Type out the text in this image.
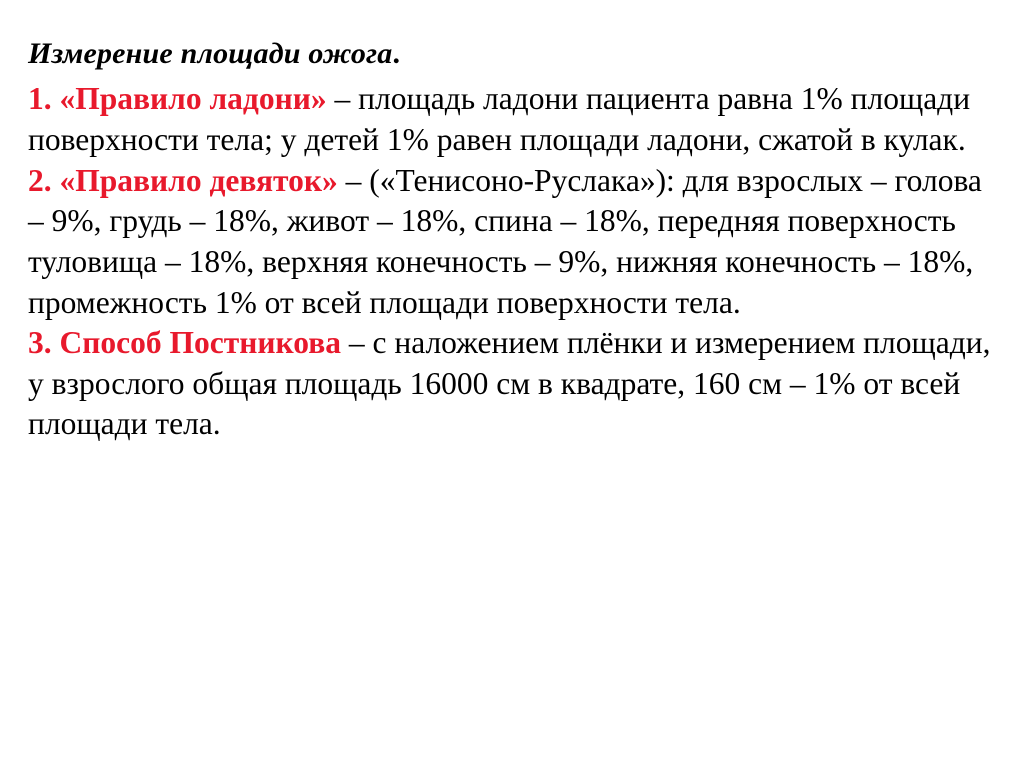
Измерение площади ожога.

1. «Правило ладони» – площадь ладони пациента равна 1% площади поверхности тела; у детей 1% равен площади ладони, сжатой в кулак.

2. «Правило девяток» – («Тенисоно-Руслака»): для взрослых – голова – 9%, грудь – 18%, живот – 18%, спина – 18%, передняя поверхность туловища – 18%, верхняя конечность – 9%, нижняя конечность – 18%, промежность 1% от всей площади поверхности тела.

3. Способ Постникова – с наложением плёнки и измерением площади, у взрослого общая площадь 16000 см в квадрате, 160 см – 1% от всей площади тела.
